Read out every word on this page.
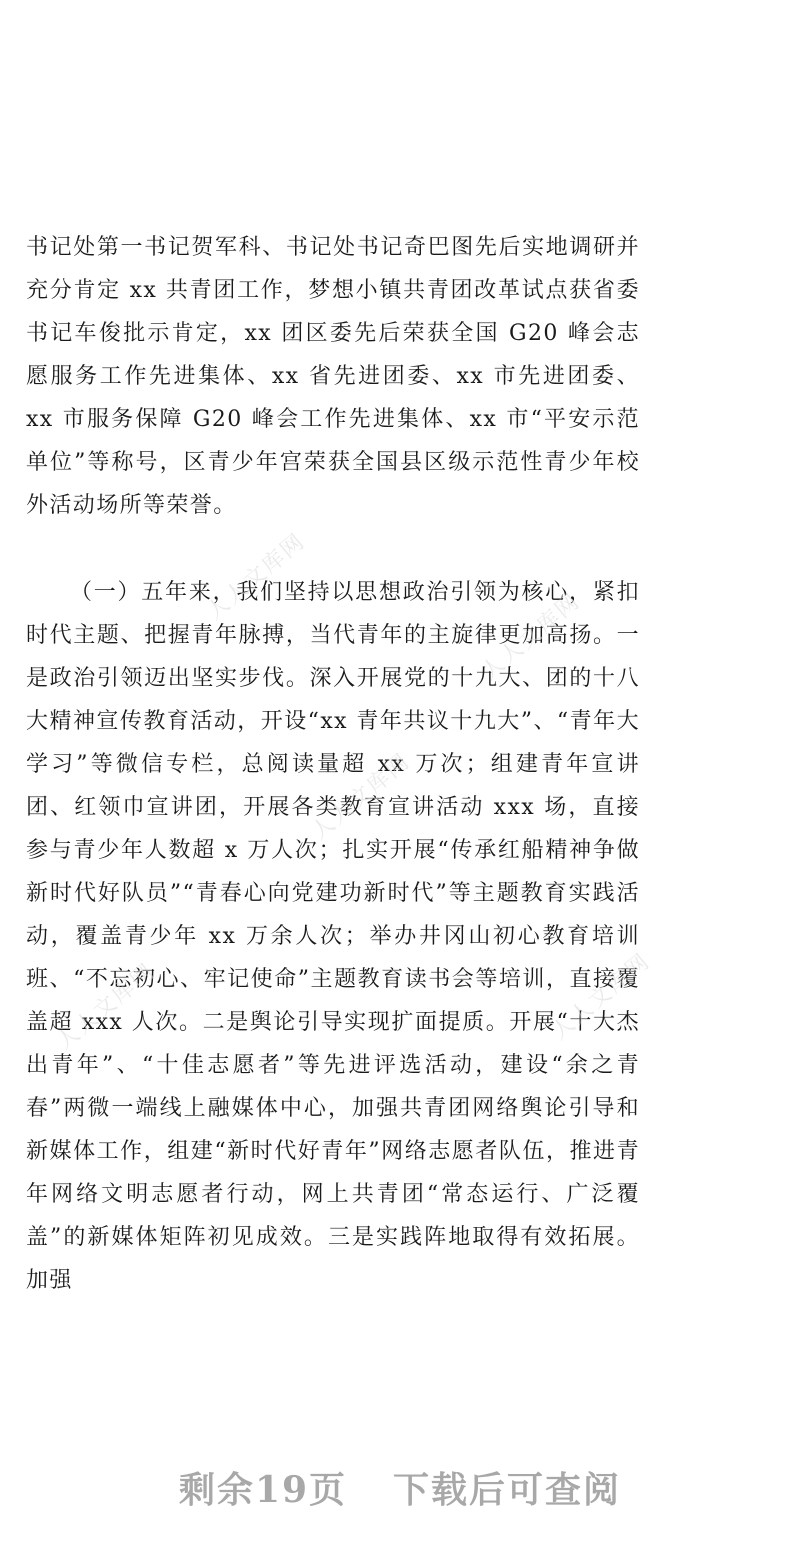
书记处第一书记贺军科、书记处书记奇巴图先后实地调研并充分肯定 xx 共青团工作，梦想小镇共青团改革试点获省委书记车俊批示肯定，xx 团区委先后荣获全国 G20 峰会志愿服务工作先进集体、xx 省先进团委、xx 市先进团委、xx 市服务保障 G20 峰会工作先进集体、xx 市“平安示范单位”等称号，区青少年宫荣获全国县区级示范性青少年校外活动场所等荣誉。

（一）五年来，我们坚持以思想政治引领为核心，紧扣时代主题、把握青年脉搏，当代青年的主旋律更加高扬。一是政治引领迈出坚实步伐。深入开展党的十九大、团的十八大精神宣传教育活动，开设“xx 青年共议十九大”、“青年大学习”等微信专栏，总阅读量超 xx 万次；组建青年宣讲团、红领巾宣讲团，开展各类教育宣讲活动 xxx 场，直接参与青少年人数超 x 万人次；扎实开展“传承红船精神争做新时代好队员”“青春心向党建功新时代”等主题教育实践活动，覆盖青少年 xx 万余人次；举办井冈山初心教育培训班、“不忘初心、牢记使命”主题教育读书会等培训，直接覆盖超 xxx 人次。二是舆论引导实现扩面提质。开展“十大杰出青年”、“十佳志愿者”等先进评选活动，建设“余之青春”两微一端线上融媒体中心，加强共青团网络舆论引导和新媒体工作，组建“新时代好青年”网络志愿者队伍，推进青年网络文明志愿者行动，网上共青团“常态运行、广泛覆盖”的新媒体矩阵初见成效。三是实践阵地取得有效拓展。加强

人人文库网
人人文库网
人人文库网
人人文库网
人人文库网
剩余19页 下载后可查阅
